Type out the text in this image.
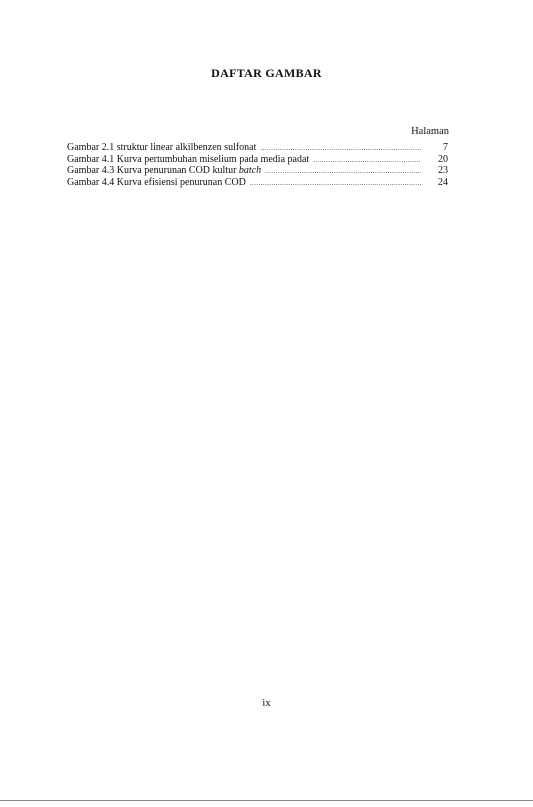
DAFTAR GAMBAR
Halaman
Gambar 2.1 struktur linear alkilbenzen sulfonat .....	7
Gambar 4.1 Kurva pertumbuhan miselium pada media padat .....	20
Gambar 4.3 Kurva penurunan COD kultur batch .....	23
Gambar 4.4 Kurva efisiensi penurunan COD .....	24
ix
